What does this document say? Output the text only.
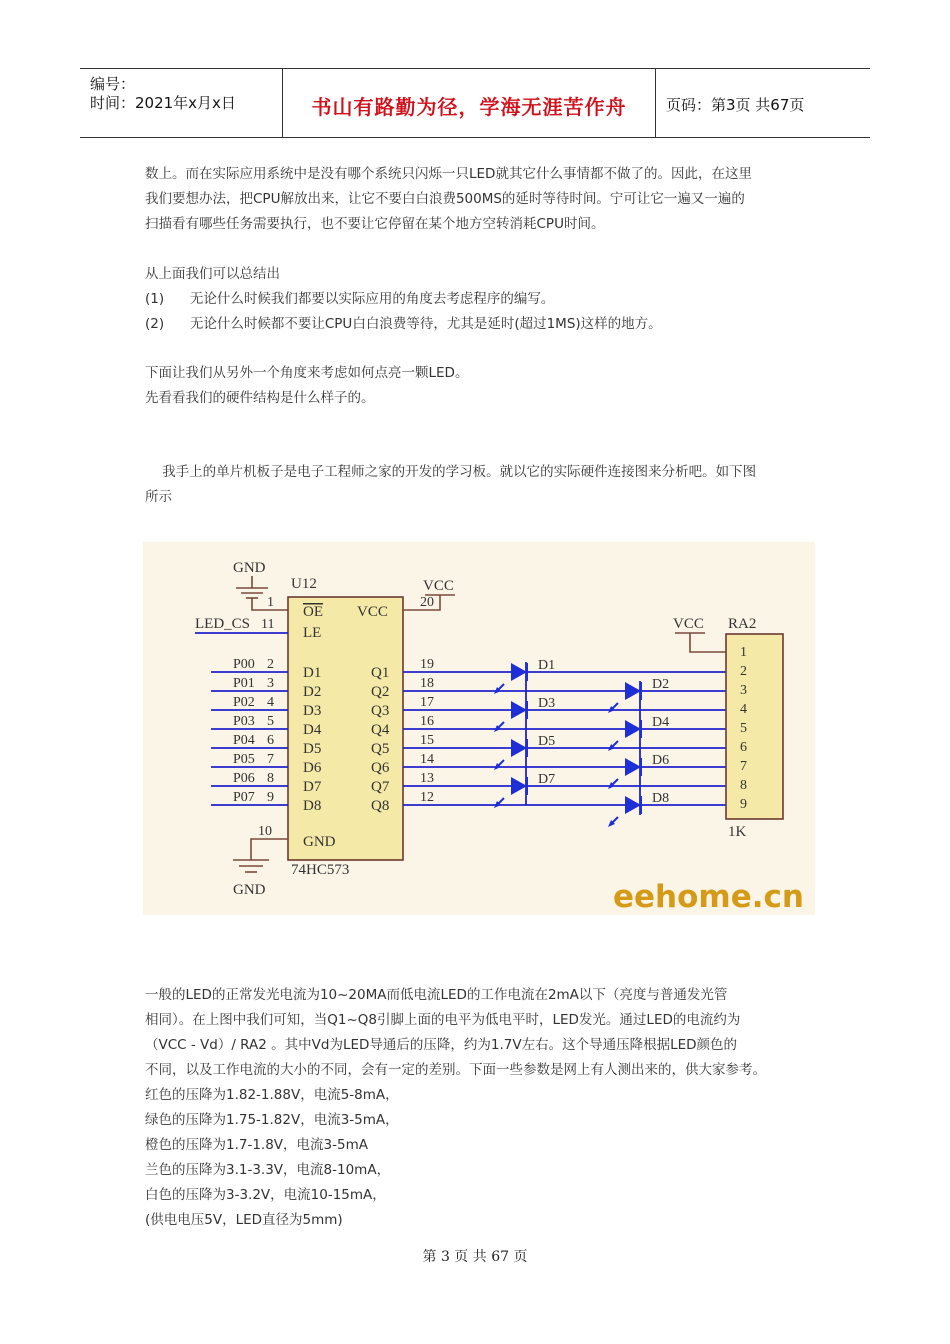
编号：
时间：2021年x月x日	书山有路勤为径，学海无涯苦作舟	页码：第3页 共67页
数上。而在实际应用系统中是没有哪个系统只闪烁一只LED就其它什么事情都不做了的。因此，在这里
我们要想办法，把CPU解放出来，让它不要白白浪费500MS的延时等待时间。宁可让它一遍又一遍的
扫描看有哪些任务需要执行，也不要让它停留在某个地方空转消耗CPU时间。
从上面我们可以总结出
(1)      无论什么时候我们都要以实际应用的角度去考虑程序的编写。
(2)      无论什么时候都不要让CPU白白浪费等待，尤其是延时(超过1MS)这样的地方。
下面让我们从另外一个角度来考虑如何点亮一颗LED。
先看看我们的硬件结构是什么样子的。
我手上的单片机板子是电子工程师之家的开发的学习板。就以它的实际硬件连接图来分析吧。如下图
所示
GND
1
U12
OE
LE
VCC
GND
74HC573
VCC
20
LED_CS 11
P00 2
D1
P01 3
D2
P02 4
D3
P03 5
D4
P04 6
D5
P05 7
D6
P06 8
D7
P07 9
D8
Q1
19
Q2
18
Q3
17
Q4
16
Q5
15
Q6
14
Q7
13
Q8
12
10
GND
VCC RA2
1
2
3
4
5
6
7
8
9
1K
D1
D2
D3
D4
D5
D6
D7
D8
eehome.cn
一般的LED的正常发光电流为10~20MA而低电流LED的工作电流在2mA以下（亮度与普通发光管
相同）。在上图中我们可知，当Q1~Q8引脚上面的电平为低电平时，LED发光。通过LED的电流约为
（VCC - Vd）/ RA2 。其中Vd为LED导通后的压降，约为1.7V左右。这个导通压降根据LED颜色的
不同，以及工作电流的大小的不同，会有一定的差别。下面一些参数是网上有人测出来的，供大家参考。
红色的压降为1.82-1.88V，电流5-8mA，
绿色的压降为1.75-1.82V，电流3-5mA，
橙色的压降为1.7-1.8V，电流3-5mA
兰色的压降为3.1-3.3V，电流8-10mA，
白色的压降为3-3.2V，电流10-15mA，
(供电电压5V，LED直径为5mm)
第 3 页 共 67 页
